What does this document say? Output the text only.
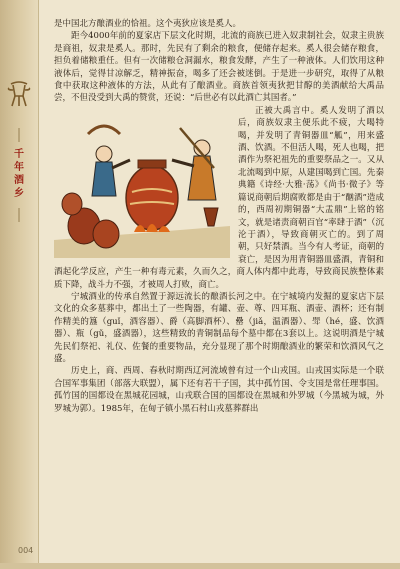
千年酒乡

是中国北方酿酒业的恰祖。这个夷狄应该是奚人。

距今4000年前的夏家店下层文化时期，北流的商族已进入奴隶制社会，奴隶主贵族是商祖，奴隶是奚人。那时，先民有了剩余的粮食，便储存起来。奚人很会储存粮食，担负着储粮重任。但有一次储粮仓洞漏水，粮食发酵，产生了一种液体。人们饮用这种液体后，觉得甘凉解乏，精神振奋，喝多了还会被迷倒。于是进一步研究，取得了从粮食中获取这种液体的方法，从此有了酿酒业。商族首领夷狄把甘醇的美酒献给大禹品尝，不但没受到大禹的赞赏，还说：“后世必有以此酒亡其国者。”

正被大禹言中。奚人发明了酒以后，商族奴隶主便乐此不疲，大喝特喝，并发明了青铜器皿“觚”，用来盛酒、饮酒。不但活人喝，死人也喝，把酒作为祭祀祖先的重要祭品之一。又从北流喝到中原，从建国喝到亡国。先秦典籍《诗经·大雅·荡》《尚书·微子》等篇说商朝后期腐败都是由于“酗酒”造成的，西周初期铜器“大盂鼎”上铭的铭文，就是诸责商朝百官“率肆于酒”（沉沦于酒），导致商朝灭亡的。到了周朝，只好禁酒。当今有人考证，商朝的衰亡，是因为用青铜器皿盛酒，青铜和酒起化学反应，产生一种有毒元素，久而久之，商人体内都中此毒，导致商民族整体素质下降，战斗力不强，才被周人打败，商亡。

宁城酒业的传承自然置于源远流长的酿酒长河之中。在宁城境内发掘的夏家店下层文化的众多墓葬中，都出土了一些陶器，有罐、壶、尊、四耳瓶、酒壶、酒杯；还有制作精美的簋（guǐ，酒容器）、爵（高脚酒杯）、罍（jiǎ，温酒器）、斝（hé，盛、饮酒器）、瓶（gǔ，盛酒器），这些精致的青铜制品每个墓中都在3套以上。这说明酒是宁城先民们祭祀、礼仪、佐餐的重要物品，充分显现了那个时期酿酒业的繁荣和饮酒风气之盛。

历史上，商、西周、春秋时期西辽河流域曾有过一个山戎国。山戎国实际是一个联合国军事集团（部落大联盟），属下还有若干子国，其中孤竹国、令支国是常任理事国。孤竹国的国都设在黑城花园城，山戎联合国的国都设在黑城和外罗城（今黑城为城，外罗城为郭）。1985年，在甸子镇小黑石村山戎墓葬群出

004
